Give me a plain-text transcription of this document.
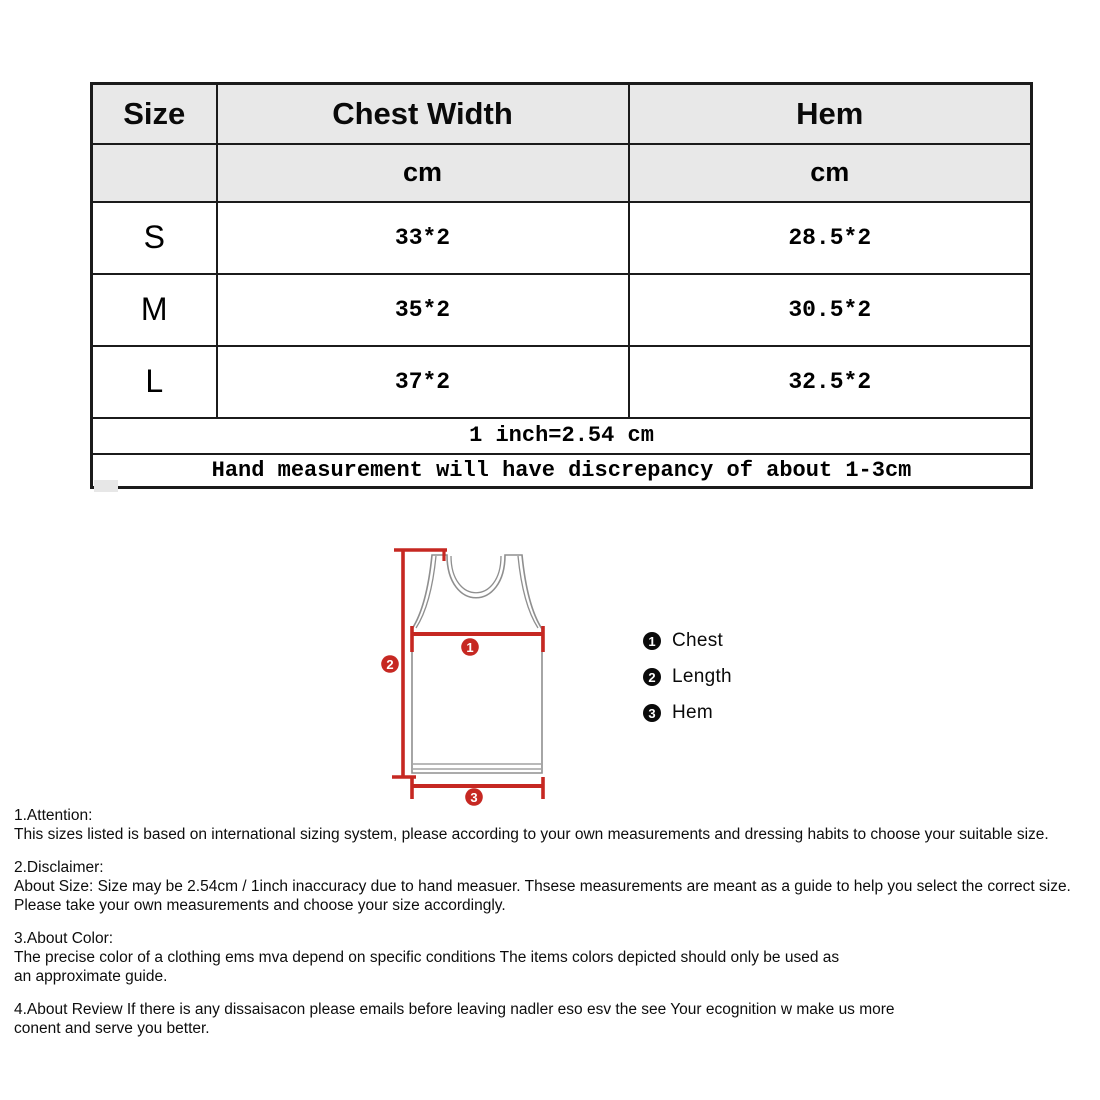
Size	Chest Width	Hem
	cm	cm
S	33*2	28.5*2
M	35*2	30.5*2
L	37*2	32.5*2
1 inch=2.54 cm		
Hand measurement will have discrepancy of about 1-3cm		
1
2
3
1 Chest
2 Length
3 Hem
1.Attention:
This sizes listed is based on international sizing system, please according to your own measurements and dressing habits to choose your suitable size.
2.Disclaimer:
About Size: Size may be 2.54cm / 1inch inaccuracy due to hand measuer. Thsese measurements are meant as a guide to help you select the correct size.
Please take your own measurements and choose your size accordingly.
3.About Color:
The precise color of a clothing ems mva depend on specific conditions The items colors depicted should only be used as
an approximate guide.
4.About Review If there is any dissaisacon please emails before leaving nadler eso esv the see Your ecognition w make us more
conent and serve you better.
